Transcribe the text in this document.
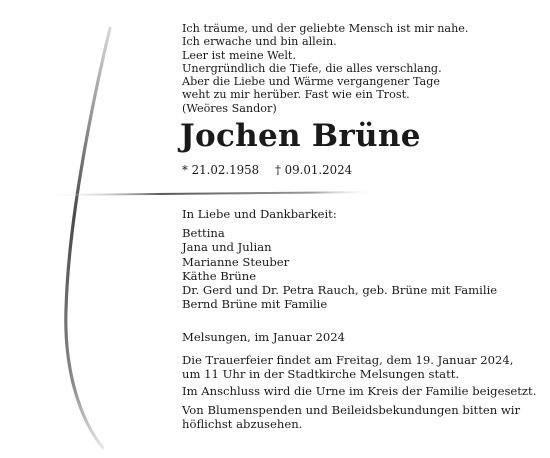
Ich träume, und der geliebte Mensch ist mir nahe.
Ich erwache und bin allein.
Leer ist meine Welt.
Unergründlich die Tiefe, die alles verschlang.
Aber die Liebe und Wärme vergangener Tage
weht zu mir herüber. Fast wie ein Trost.
(Weöres Sandor)
Jochen Brüne
* 21.02.1958 † 09.01.2024
In Liebe und Dankbarkeit:
Bettina
Jana und Julian
Marianne Steuber
Käthe Brüne
Dr. Gerd und Dr. Petra Rauch, geb. Brüne mit Familie
Bernd Brüne mit Familie
Melsungen, im Januar 2024
Die Trauerfeier findet am Freitag, dem 19. Januar 2024,
um 11 Uhr in der Stadtkirche Melsungen statt.
Im Anschluss wird die Urne im Kreis der Familie beigesetzt.
Von Blumenspenden und Beileidsbekundungen bitten wir
höflichst abzusehen.
